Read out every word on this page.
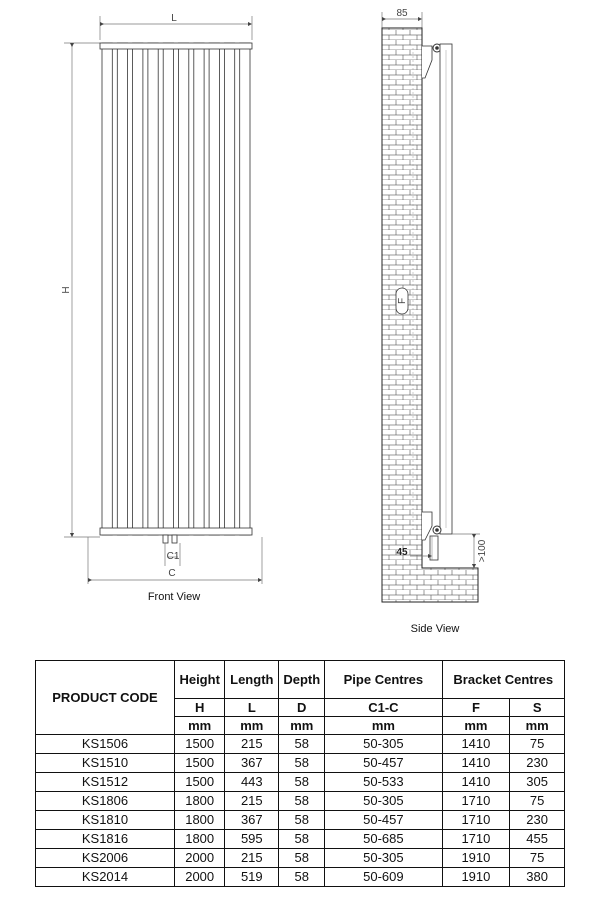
L
H
C1
C
Front View
85
F
45	>100
Side View
PRODUCT CODE	Height	Length	Depth	Pipe Centres	Bracket Centres	
	H	L	D	C1-C	F	S
	mm	mm	mm	mm	mm	mm
KS1506	1500	215	58	50-305	1410	75
KS1510	1500	367	58	50-457	1410	230
KS1512	1500	443	58	50-533	1410	305
KS1806	1800	215	58	50-305	1710	75
KS1810	1800	367	58	50-457	1710	230
KS1816	1800	595	58	50-685	1710	455
KS2006	2000	215	58	50-305	1910	75
KS2014	2000	519	58	50-609	1910	380
